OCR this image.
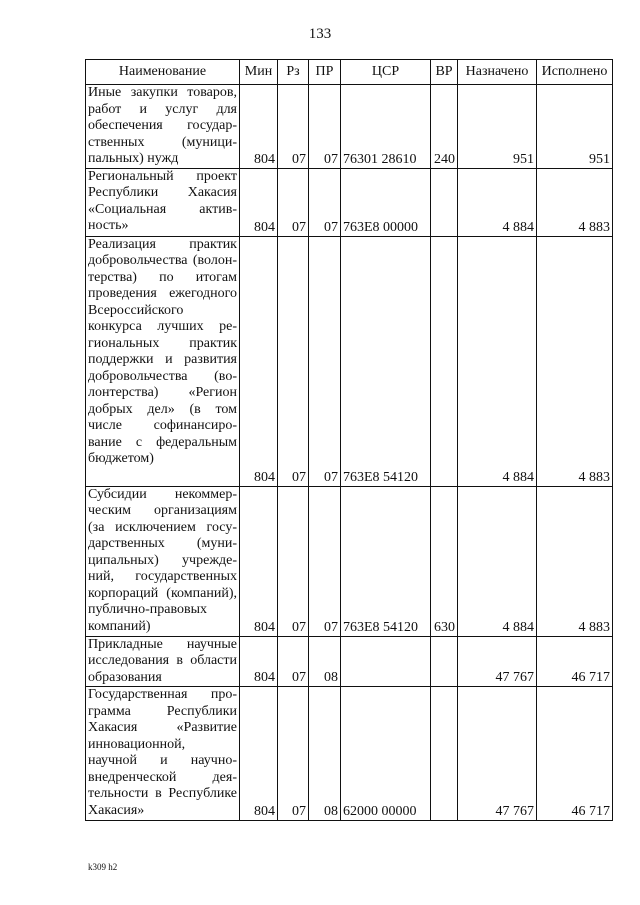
133
Наименование	Мин	Рз	ПР	ЦСР	ВР	Назначено	Исполнено
Иные закупки товаров, работ и услуг для обеспечения государственных (муниципальных) нужд	804	07	07	76301 28610	240	951	951
Региональный проект Республики Хакасия «Социальная активность»	804	07	07	763E8 00000		4 884	4 883
Реализация практик добровольчества (волонтерства) по итогам проведения ежегодного Всероссийского конкурса лучших региональных практик поддержки и развития добровольчества (волонтерства) «Регион добрых дел» (в том числе софинансирование с федеральным бюджетом)	804	07	07	763E8 54120		4 884	4 883
Субсидии некоммерческим организациям (за исключением государственных (муниципальных) учреждений, государственных корпораций (компаний), публично-правовых компаний)	804	07	07	763E8 54120	630	4 884	4 883
Прикладные научные исследования в области образования	804	07	08			47 767	46 717
Государственная программа Республики Хакасия «Развитие инновационной, научной и научно-внедренческой деятельности в Республике Хакасия»	804	07	08	62000 00000		47 767	46 717
k309 h2
